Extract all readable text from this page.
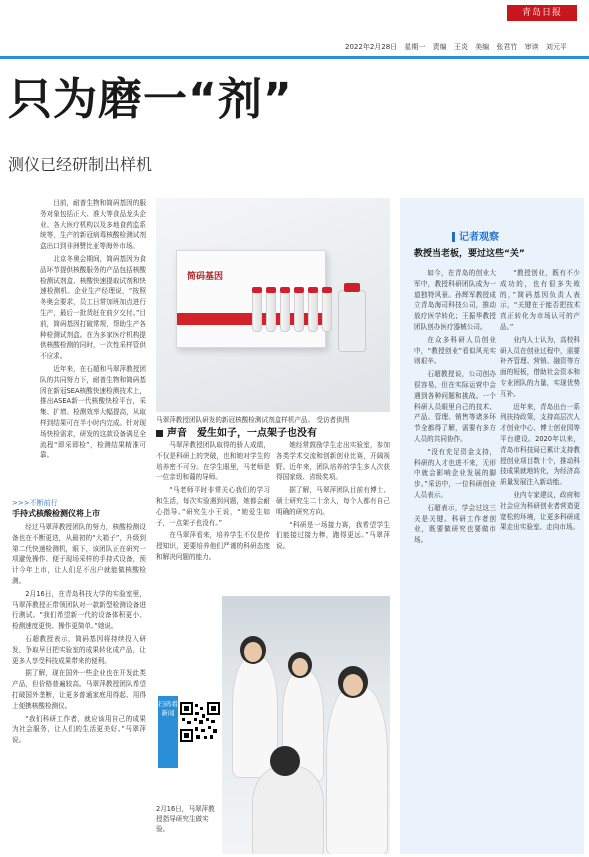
青岛日报
2022年2月28日 星期一 责编 王炎 美编 张君竹 审读 刘元平
只为磨一“剂”
测仪已经研制出样机

目前，耐普生物和简码基因的服务对象包括正大、准大等食品龙头企业、各大医疗机构以及多地食药监系统等，生产的新冠病毒核酸检测试剂盒出口到非洲赞比亚等海外市场。

北京冬奥会期间，简码基因为食品环节提供核酸服务的产品包括核酸检测试剂盒、核酸快速提取试剂和快速检测机。企业生产经理说，“按照冬奥会要求，员工日常加班加点进行生产，最后一批货赶在前夕交付。”目前，简码基因打破常规，帮助生产各种检测试剂盒。在为多家医疗机构提供核酸检测的同时，一次性采样管供不应求。

近年来，在石超和马翠萍教授团队的共同努力下，耐普生物和简码基因在新冠SEA核酸快速检测技术上，推出ASEA新一代核酸快检平台，采集、扩增、检测效率大幅提高，从取样到结果可在半小时内完成。针对现场快检需求，研发的这款设备满足全流程“即采即检”，检测结果精准可靠。

>>>不断前行
手持式核酸检测仪将上市

经过马翠萍教授团队的努力，核酸检测设备也在不断更迭，从最初的“大箱子”，升级到第二代快速检测机，眼下，该团队正在研究一项避免操作、便于现场采样的手持式设备，预计今年上市，让人们足不出户就能做核酸检测。

2月16日，在青岛科技大学的实验室里，马翠萍教授正带领团队对一款新型检测设备进行测试。“我们希望新一代的设备体积更小、检测速度更快、操作更简单。”她说。

石超教授表示，简码基因将持续投入研发，争取早日把实验室的成果转化成产品，让更多人享受科技成果带来的便利。

据了解，现在国外一些企业也在开发此类产品，但价格普遍较高。马翠萍教授团队希望打破国外垄断，让更多普通家庭用得起、用得上便携核酸检测仪。

“我们科研工作者，就应该用自己的成果为社会服务，让人们的生活更美好。”马翠萍说。

简码基因
马翠萍教授团队研发的新冠核酸检测试剂盒样机产品。 受访者供图
声音　爱生如子，一点架子也没有

马翠萍教授团队取得的骄人成绩，不仅是科研上的突破，也和她对学生的培养密不可分。在学生眼里，马老师是一位亲切和蔼的导师。

“马老师平时非常关心我们的学习和生活，每次实验遇到问题，她都会耐心指导。”研究生小王说，“她爱生如子，一点架子也没有。”

在马翠萍看来，培养学生不仅是传授知识，更要培养他们严谨的科研态度和解决问题的能力。

她经常鼓励学生走出实验室，参加各类学术交流和创新创业比赛，开阔视野。近年来，团队培养的学生多人次获得国家级、省级奖项。

据了解，马翠萍团队目前有博士、硕士研究生二十余人，每个人都有自己明确的研究方向。

“科研是一场接力赛，我希望学生们能接过接力棒，跑得更远。”马翠萍说。

扫码看新闻
2月16日，马翠萍教授指导研究生做实验。
记者观察
教授当老板，要过这些“关”

如今，在青岛的创业大军中，教授科研团队成为一道独特风景。孙辉军教授成立青岛海司科技公司，推动放疗医学转化；王振华教授团队创办医疗器械公司。

在众多科研人员创业中，“教授创业”看似风光实则艰辛。

石超教授说，公司创办很容易，但在实际运营中会遇到各种问题和挑战。一个科研人员眼里自己的技术、产品、管理、销售等诸多环节全都得了解，需要有多方人员的共同协作。

“没有充足资金支持，科研的人才也进不来，无形中就会影响企业发展的脚步。”采访中，一位科研创业人员表示。

石超表示，学会过这三关是关键。科研工作者创业，既要做研究也要做市场。

“教授创业，既有不少成功的，也有很多失败的，”简码基因负责人表示，“关键在于能否把技术真正转化为市场认可的产品。”

业内人士认为，高校科研人员在创业过程中，需要补齐管理、营销、融资等方面的短板，借助社会资本和专业团队的力量，实现优势互补。

近年来，青岛出台一系列扶持政策，支持高层次人才创业中心、博士创业园等平台建设。2020年以来，青岛市科技局已累计支持教授创业项目数十个，推动科技成果就地转化，为经济高质量发展注入新动能。

业内专家建议，政府和社会应为科研创业者营造更宽松的环境，让更多科研成果走出实验室、走向市场。
